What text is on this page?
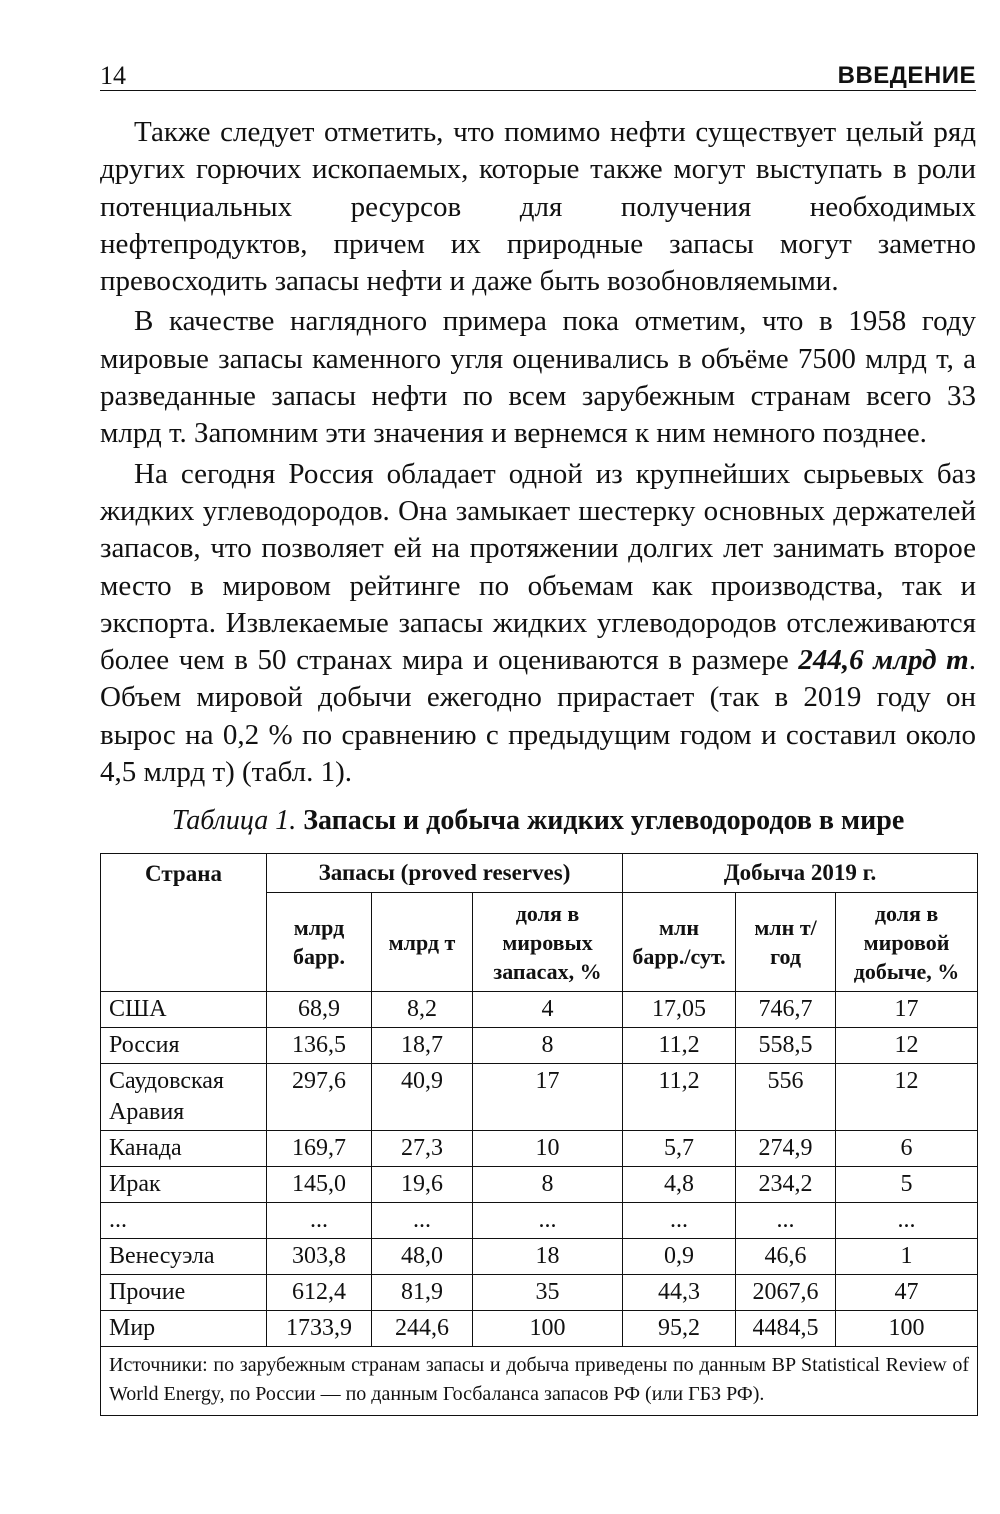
14	ВВЕДЕНИЕ

Также следует отметить, что помимо нефти существует целый ряд других горючих ископаемых, которые также могут выступать в роли потенциальных ресурсов для получения необходимых нефтепродуктов, причем их природные запасы могут заметно превосходить запасы нефти и даже быть возобновляемыми.

В качестве наглядного примера пока отметим, что в 1958 году мировые запасы каменного угля оценивались в объёме 7500 млрд т, а разведанные запасы нефти по всем зарубежным странам всего 33 млрд т. Запомним эти значения и вернемся к ним немного позднее.

На сегодня Россия обладает одной из крупнейших сырьевых баз жидких углеводородов. Она замыкает шестерку основных держателей запасов, что позволяет ей на протяжении долгих лет занимать второе место в мировом рейтинге по объемам как производства, так и экспорта. Извлекаемые запасы жидких углеводородов отслеживаются более чем в 50 странах мира и оцениваются в размере 244,6 млрд т. Объем мировой добычи ежегодно прирастает (так в 2019 году он вырос на 0,2 % по сравнению с предыдущим годом и составил около 4,5 млрд т) (табл. 1).

Таблица 1. Запасы и добыча жидких углеводородов в мире
Страна	Запасы (proved reserves)			Добыча 2019 г.		
	млрд барр.	млрд т	доля в мировых запасах, %	млн барр./сут.	млн т/год	доля в мировой добыче, %
США	68,9	8,2	4	17,05	746,7	17
Россия	136,5	18,7	8	11,2	558,5	12
Саудовская Аравия	297,6	40,9	17	11,2	556	12
Канада	169,7	27,3	10	5,7	274,9	6
Ирак	145,0	19,6	8	4,8	234,2	5
...	...	...	...	...	...	...
Венесуэла	303,8	48,0	18	0,9	46,6	1
Прочие	612,4	81,9	35	44,3	2067,6	47
Мир	1733,9	244,6	100	95,2	4484,5	100
Источники: по зарубежным странам запасы и добыча приведены по данным BP Statistical Review of World Energy, по России — по данным Госбаланса запасов РФ (или ГБЗ РФ).						
